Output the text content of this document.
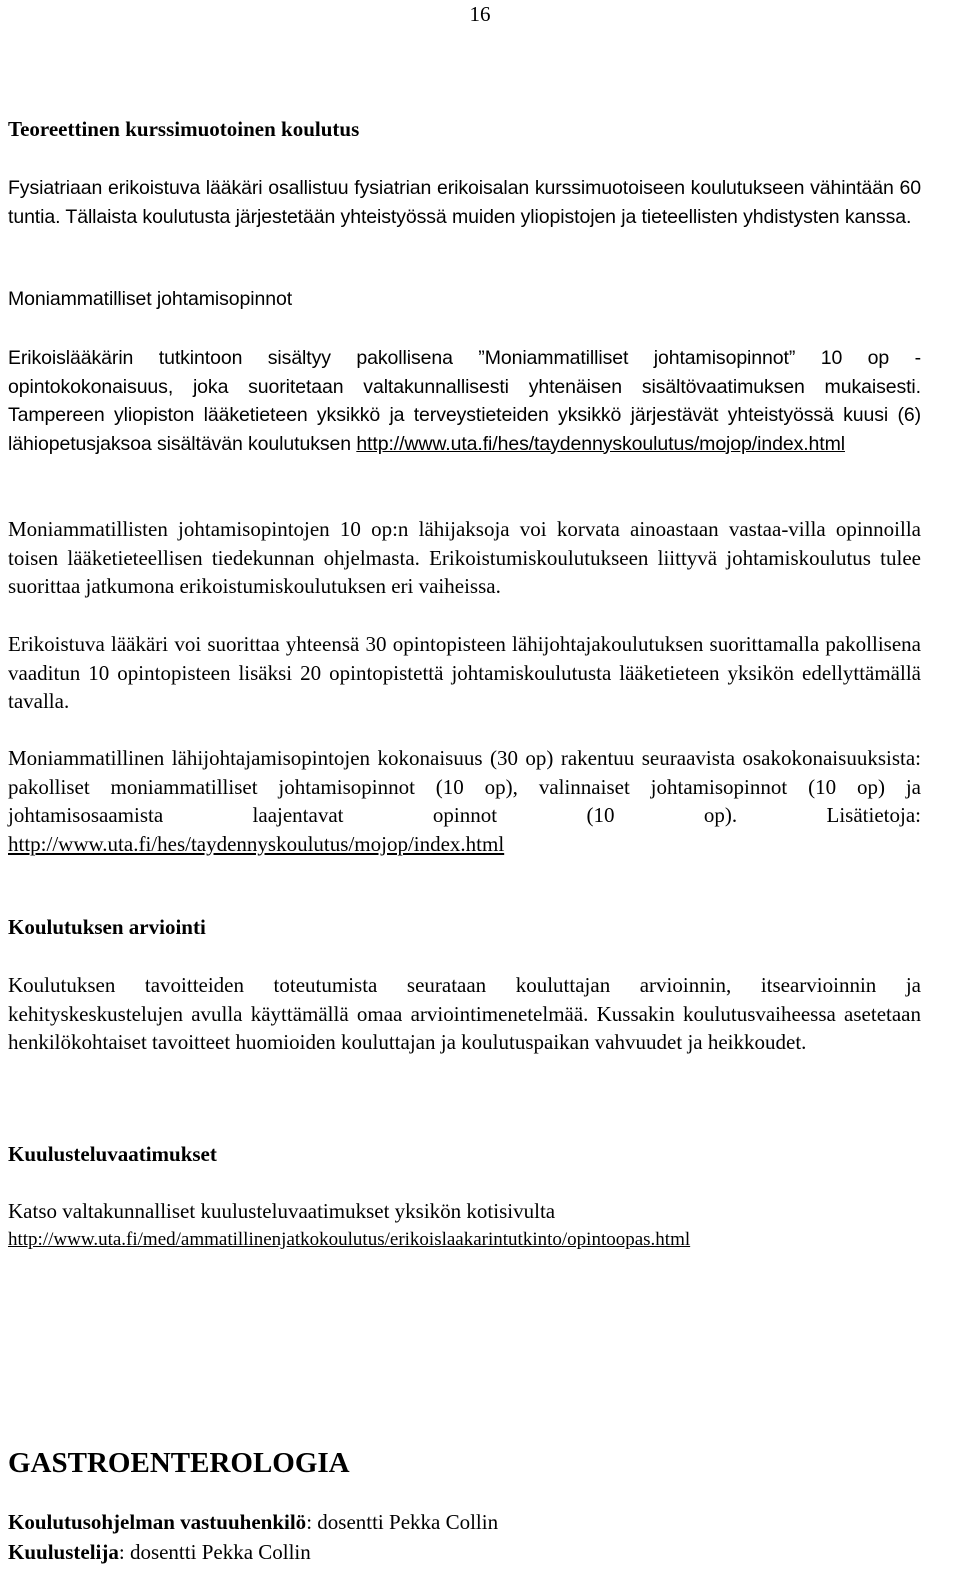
16
Teoreettinen kurssimuotoinen koulutus

Fysiatriaan erikoistuva lääkäri osallistuu fysiatrian erikoisalan kurssimuotoiseen koulutukseen vähintään 60 tuntia. Tällaista koulutusta järjestetään yhteistyössä muiden yliopistojen ja tieteellisten yhdistysten kanssa.

Moniammatilliset johtamisopinnot

Erikoislääkärin tutkintoon sisältyy pakollisena ”Moniammatilliset johtamisopinnot” 10 op -opintokokonaisuus, joka suoritetaan valtakunnallisesti yhtenäisen sisältövaatimuksen mukaisesti. Tampereen yliopiston lääketieteen yksikkö ja terveystieteiden yksikkö järjestävät yhteistyössä kuusi (6) lähiopetusjaksoa sisältävän koulutuksen http://www.uta.fi/hes/taydennyskoulutus/mojop/index.html

Moniammatillisten johtamisopintojen 10 op:n lähijaksoja voi korvata ainoastaan vastaa-villa opinnoilla toisen lääketieteellisen tiedekunnan ohjelmasta. Erikoistumiskoulutukseen liittyvä johtamiskoulutus tulee suorittaa jatkumona erikoistumiskoulutuksen eri vaiheissa.

Erikoistuva lääkäri voi suorittaa yhteensä 30 opintopisteen lähijohtajakoulutuksen suorittamalla pakollisena vaaditun 10 opintopisteen lisäksi 20 opintopistettä johtamiskoulutusta lääketieteen yksikön edellyttämällä tavalla.

Moniammatillinen lähijohtajamisopintojen kokonaisuus (30 op) rakentuu seuraavista osakokonaisuuksista: pakolliset moniammatilliset johtamisopinnot (10 op), valinnaiset johtamisopinnot (10 op) ja johtamisosaamista laajentavat opinnot (10 op). Lisätietoja: http://www.uta.fi/hes/taydennyskoulutus/mojop/index.html

Koulutuksen arviointi

Koulutuksen tavoitteiden toteutumista seurataan kouluttajan arvioinnin, itsearvioinnin ja kehityskeskustelujen avulla käyttämällä omaa arviointimenetelmää. Kussakin koulutusvaiheessa asetetaan henkilökohtaiset tavoitteet huomioiden kouluttajan ja koulutuspaikan vahvuudet ja heikkoudet.

Kuulusteluvaatimukset
Katso valtakunnalliset kuulusteluvaatimukset yksikön kotisivulta
http://www.uta.fi/med/ammatillinenjatkokoulutus/erikoislaakarintutkinto/opintoopas.html
GASTROENTEROLOGIA
Koulutusohjelman vastuuhenkilö: dosentti Pekka Collin
Kuulustelija: dosentti Pekka Collin
